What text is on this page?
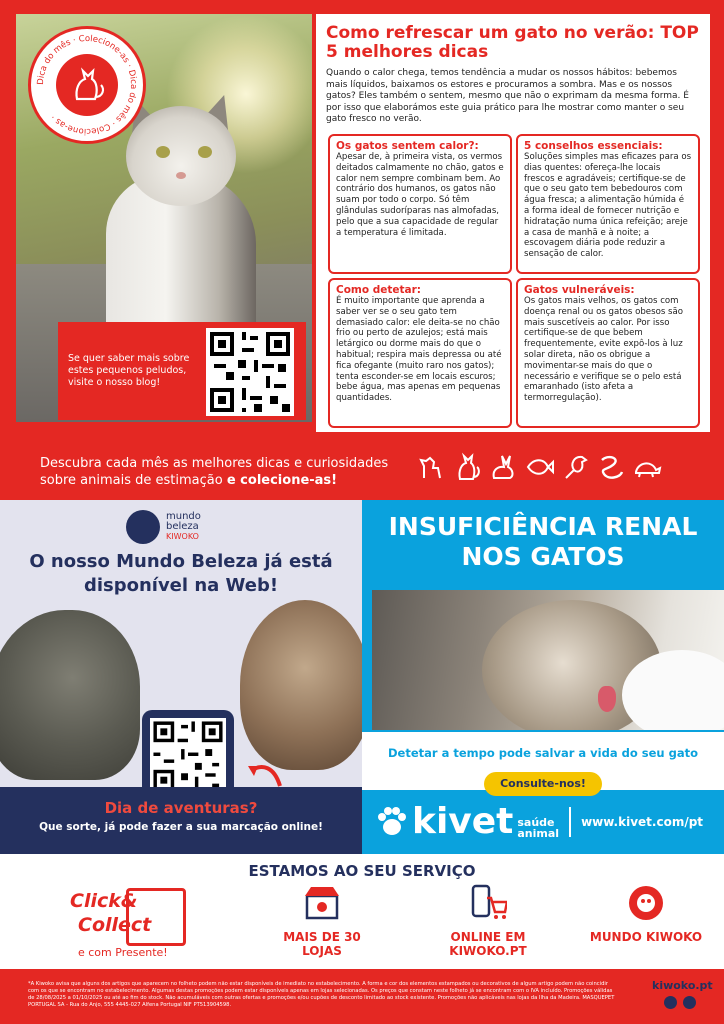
Dica do mês · Colecione-as · Dica do mês · Colecione-as ·
Se quer saber mais sobre estes pequenos peludos, visite o nosso blog!
Como refrescar um gato no verão: TOP 5 melhores dicas

Quando o calor chega, temos tendência a mudar os nossos hábitos: bebemos mais líquidos, baixamos os estores e procuramos a sombra. Mas e os nossos gatos? Eles também o sentem, mesmo que não o exprimam da mesma forma. É por isso que elaborámos este guia prático para lhe mostrar como manter o seu gato fresco no verão.

Os gatos sentem calor?:

Apesar de, à primeira vista, os vermos deitados calmamente no chão, gatos e calor nem sempre combinam bem. Ao contrário dos humanos, os gatos não suam por todo o corpo. Só têm glândulas sudoríparas nas almofadas, pelo que a sua capacidade de regular a temperatura é limitada.

5 conselhos essenciais:

Soluções simples mas eficazes para os dias quentes: ofereça-lhe locais frescos e agradáveis; certifique-se de que o seu gato tem bebedouros com água fresca; a alimentação húmida é a forma ideal de fornecer nutrição e hidratação numa única refeição; areje a casa de manhã e à noite; a escovagem diária pode reduzir a sensação de calor.

Como detetar:

É muito importante que aprenda a saber ver se o seu gato tem demasiado calor: ele deita-se no chão frio ou perto de azulejos; está mais letárgico ou dorme mais do que o habitual; respira mais depressa ou até fica ofegante (muito raro nos gatos); tenta esconder-se em locais escuros; bebe água, mas apenas em pequenas quantidades.

Gatos vulneráveis:

Os gatos mais velhos, os gatos com doença renal ou os gatos obesos são mais suscetíveis ao calor. Por isso certifique-se de que bebem frequentemente, evite expô-los à luz solar direta, não os obrigue a movimentar-se mais do que o necessário e verifique se o pelo está emaranhado (isto afeta a termorregulação).

Descubra cada mês as melhores dicas e curiosidades
sobre animais de estimação e colecione-as!
mundo
beleza
KIWOKO
O nosso Mundo Beleza já está disponível na Web!
Dia de aventuras?
Que sorte, já pode fazer a sua marcação online!
INSUFICIÊNCIA RENAL NOS GATOS
Detetar a tempo pode salvar a vida do seu gato
Consulte-nos!
kivet saúde
animal
www.kivet.com/pt
ESTAMOS AO SEU SERVIÇO
Click&
Collect
e com Presente!
MAIS DE 30 LOJAS
ONLINE EM KIWOKO.PT
MUNDO KIWOKO
*A Kiwoko avisa que alguns dos artigos que aparecem no folheto podem não estar disponíveis de imediato no estabelecimento. A forma e cor dos elementos estampados ou decorativos de algum artigo podem não coincidir com os que se encontram no estabelecimento. Algumas destas promoções podem estar disponíveis apenas em lojas selecionadas. Os preços que constam neste folheto já se encontram com o IVA incluído. Promoções válidas de 28/08/2025 a 01/10/2025 ou até ao fim do stock. Não acumuláveis com outras ofertas e promoções e/ou cupões de desconto limitado ao stock existente. Promoções não aplicáveis nas lojas da Ilha da Madeira. MASQUEPET PORTUGAL SA - Rua do Anjo, 555 4445-027 Alfena Portugal NIF PT513904598.
kiwoko.pt
